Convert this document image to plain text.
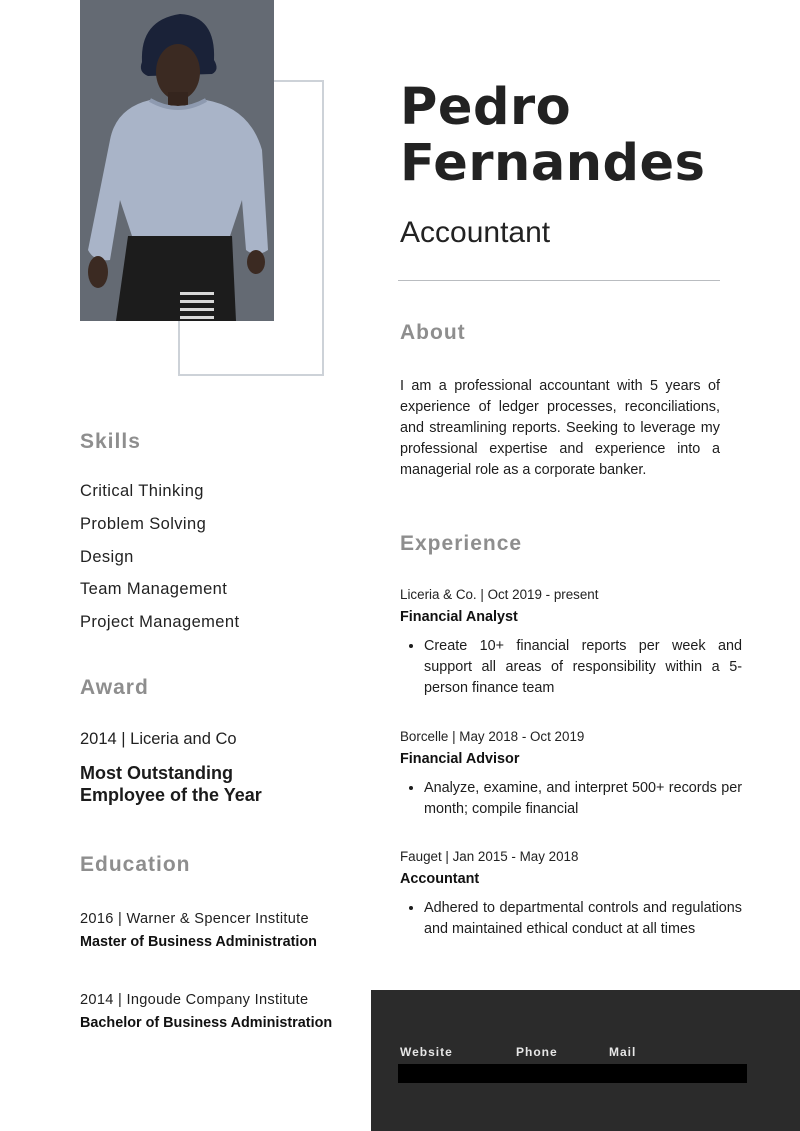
Pedro
Fernandes
Accountant
About
I am a professional accountant with 5 years of experience of ledger processes, reconciliations, and streamlining reports. Seeking to leverage my professional expertise and experience into a managerial role as a corporate banker.
Experience
Liceria & Co. | Oct 2019 - present
Financial Analyst
• Create 10+ financial reports per week and support all areas of responsibility within a 5-person finance team
Borcelle | May 2018 - Oct 2019
Financial Advisor
• Analyze, examine, and interpret 500+ records per month; compile financial
Fauget | Jan 2015 - May 2018
Accountant
• Adhered to departmental controls and regulations and maintained ethical conduct at all times
Skills
Critical Thinking
Problem Solving
Design
Team Management
Project Management
Award
2014 | Liceria and Co
Most Outstanding Employee of the Year
Education
2016 | Warner & Spencer Institute
Master of Business Administration
2014 | Ingoude Company Institute
Bachelor of Business Administration
Website	Phone	Mail
